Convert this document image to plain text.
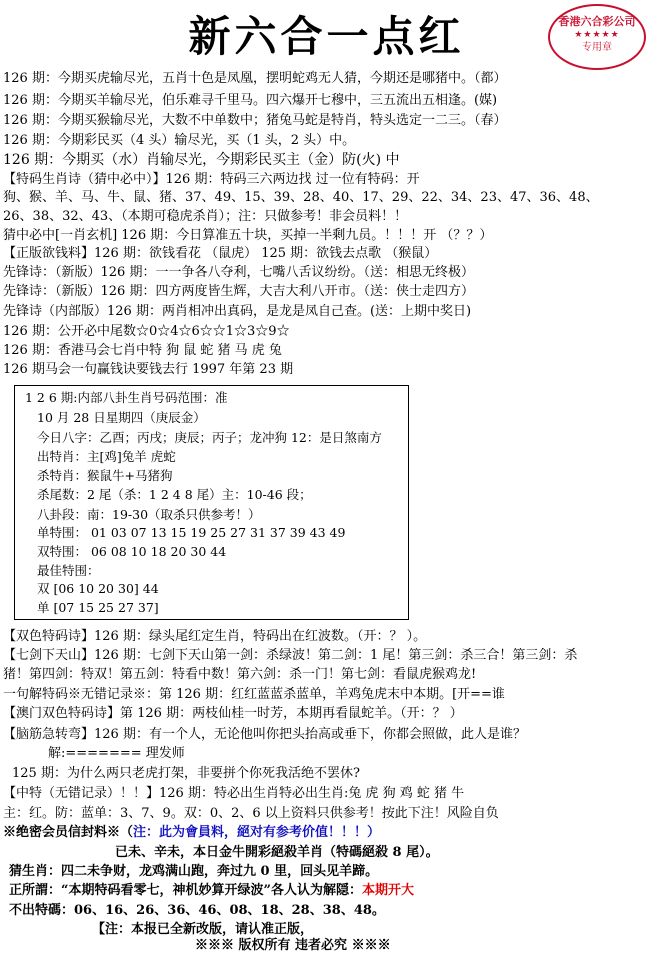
新六合一点红	香港六合彩公司
★★★★★
专用章
126 期：今期买虎输尽光，五肖十色是凤凰，摆明蛇鸡无人猜，今期还是哪猪中。（都）
126 期：今期买羊输尽光，伯乐难寻千里马。四六爆开七穆中，三五流出五相逢。(媒)
126 期：今期买猴输尽光，大数不中单数中；猪兔马蛇是特肖，特头选定一二三。（春）
126 期：今期彩民买（4 头）输尽光，买（1 头，2 头）中。
126 期：今期买（水）肖输尽光，今期彩民买主（金）防(火) 中
【特码生肖诗（猜中必中）】126 期：特码三六两边找 过一位有特码：开
狗、猴、羊、马、牛、鼠、猪、37、49、15、39、28、40、17、29、22、34、23、47、36、48、
26、38、32、43、（本期可稳虎杀肖）；注：只做参考！非会员料！！
猜中必中[一肖玄机] 126 期：今日算准五十块，买掉一半剩九员。！！！开 （？？）
【正版欲钱料】126 期：欲钱看花 （鼠虎） 125 期：欲钱去点歌 （猴鼠）
先锋诗：（新版）126 期：一一争各八夺利，七嘴八舌议纷纷。（送：相思无终极）
先锋诗：（新版）126 期：四方两度皆生辉，大吉大利八开市。（送：侠士走四方）
先锋诗（内部版）126 期：两肖相冲出真码，是龙是凤自己查。(送：上期中奖日)
126 期：公开必中尾数☆0☆4☆6☆☆1☆3☆9☆
126 期：香港马会七肖中特 狗 鼠 蛇 猪 马 虎 兔
126 期马会一句赢钱诀要钱去行 1997 年第 23 期
1 2 6 期:内部八卦生肖号码范围：准
10 月 28 日星期四（庚辰金）
今日八字：乙酉；丙戌；庚辰；丙子；龙冲狗 12：是日煞南方
出特肖：主[鸡]兔羊 虎蛇
杀特肖：猴鼠牛+马猪狗
杀尾数：2 尾（杀：1 2 4 8 尾）主：10-46 段；
八卦段：南：19-30（取杀只供参考！）
单特围： 01 03 07 13 15 19 25 27 31 37 39 43 49
双特围： 06 08 10 18 20 30 44
最佳特围：
双 [06 10 20 30] 44
单 [07 15 25 27 37]
【双色特码诗】126 期：绿头尾红定生肖，特码出在红波数。（开：？ ）。
【七剑下天山】126 期：七剑下天山第一剑：杀绿波！第二剑：1 尾！第三剑：杀三合！第三剑：杀
猪！第四剑：特双！第五剑：特看中数！第六剑：杀一门！第七剑：看鼠虎猴鸡龙!
一句解特码※无错记录※：第 126 期：红红蓝蓝杀蓝单，羊鸡兔虎末中本期。[开==谁
【澳门双色特码诗】第 126 期：两枝仙桂一时芳，本期再看鼠蛇羊。（开：？ ）
【脑筋急转弯】126 期：有一个人，无论他叫你把头抬高或垂下，你都会照做，此人是谁？
解:======= 理发师
125 期：为什么两只老虎打架，非要拼个你死我活绝不罢休?
【中特（无错记录）！！】126 期：特必出生肖特必出生肖:兔 虎 狗 鸡 蛇 猪 牛
主：红。防：蓝单：3、7、9。双：0、2、6 以上资料只供参考！按此下注！风险自负
※绝密会员信封料※（注：此为會員料，絕对有参考价值！！！）
已未、辛未，本日金牛開彩絕殺羊肖（特碼絕殺 8 尾）。
猜生肖：四二未争财，龙鸡满山跑，奔过九 0 里，回头见羊蹄。
正所謂：“本期特码看零七，神机妙算开绿波”各人认为解隠：本期开大
不出特碼：06、16、26、36、46、08、18、28、38、48。
【注：本报已全新改版，请认准正版，
※※※ 版权所有 违者必究 ※※※
